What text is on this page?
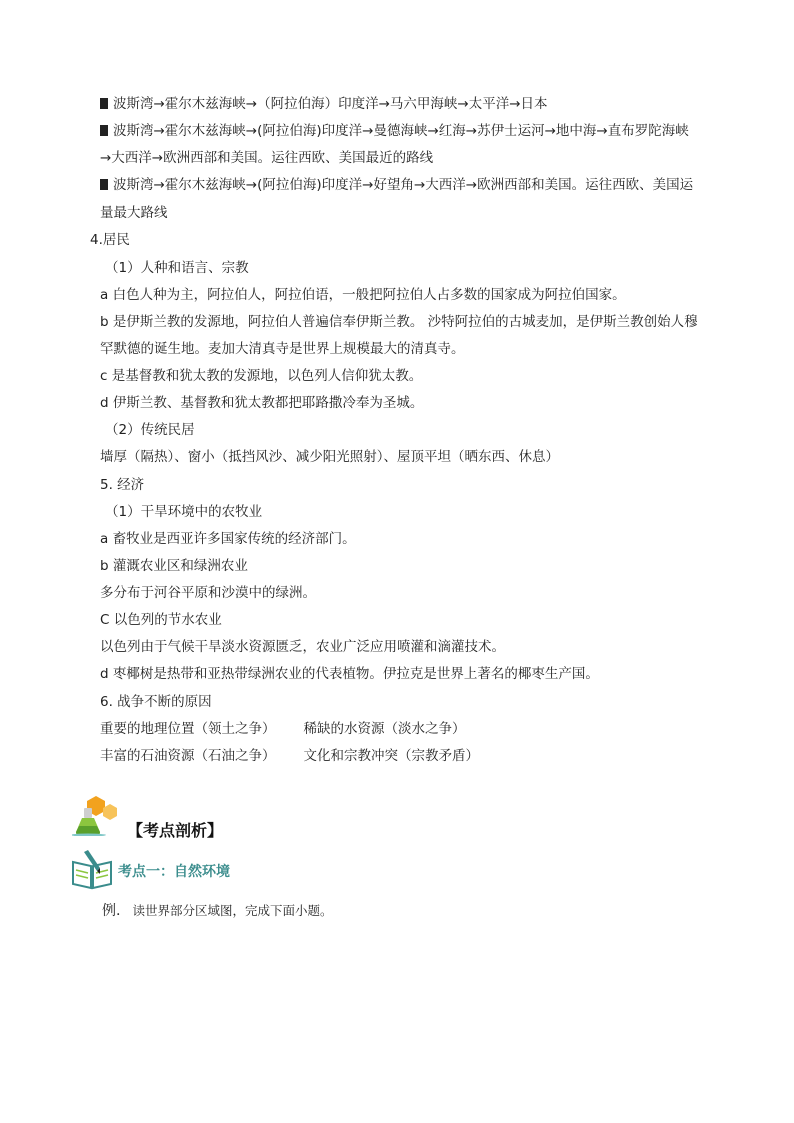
波斯湾→霍尔木兹海峡→（阿拉伯海）印度洋→马六甲海峡→太平洋→日本
波斯湾→霍尔木兹海峡→(阿拉伯海)印度洋→曼德海峡→红海→苏伊士运河→地中海→直布罗陀海峡
→大西洋→欧洲西部和美国。运往西欧、美国最近的路线
波斯湾→霍尔木兹海峡→(阿拉伯海)印度洋→好望角→大西洋→欧洲西部和美国。运往西欧、美国运
量最大路线
4.居民
（1）人种和语言、宗教
a 白色人种为主，阿拉伯人，阿拉伯语，一般把阿拉伯人占多数的国家成为阿拉伯国家。
b 是伊斯兰教的发源地，阿拉伯人普遍信奉伊斯兰教。 沙特阿拉伯的古城麦加，是伊斯兰教创始人穆
罕默德的诞生地。麦加大清真寺是世界上规模最大的清真寺。
c 是基督教和犹太教的发源地，以色列人信仰犹太教。
d 伊斯兰教、基督教和犹太教都把耶路撒冷奉为圣城。
（2）传统民居
墙厚（隔热）、窗小（抵挡风沙、减少阳光照射）、屋顶平坦（晒东西、休息）
5. 经济
（1）干旱环境中的农牧业
a 畜牧业是西亚许多国家传统的经济部门。
b 灌溉农业区和绿洲农业
多分布于河谷平原和沙漠中的绿洲。
C 以色列的节水农业
以色列由于气候干旱淡水资源匮乏，农业广泛应用喷灌和滴灌技术。
d 枣椰树是热带和亚热带绿洲农业的代表植物。伊拉克是世界上著名的椰枣生产国。
6. 战争不断的原因
重要的地理位置（领土之争） 稀缺的水资源（淡水之争）
丰富的石油资源（石油之争） 文化和宗教冲突（宗教矛盾）
【考点剖析】
考点一：自然环境
例. 读世界部分区域图，完成下面小题。
